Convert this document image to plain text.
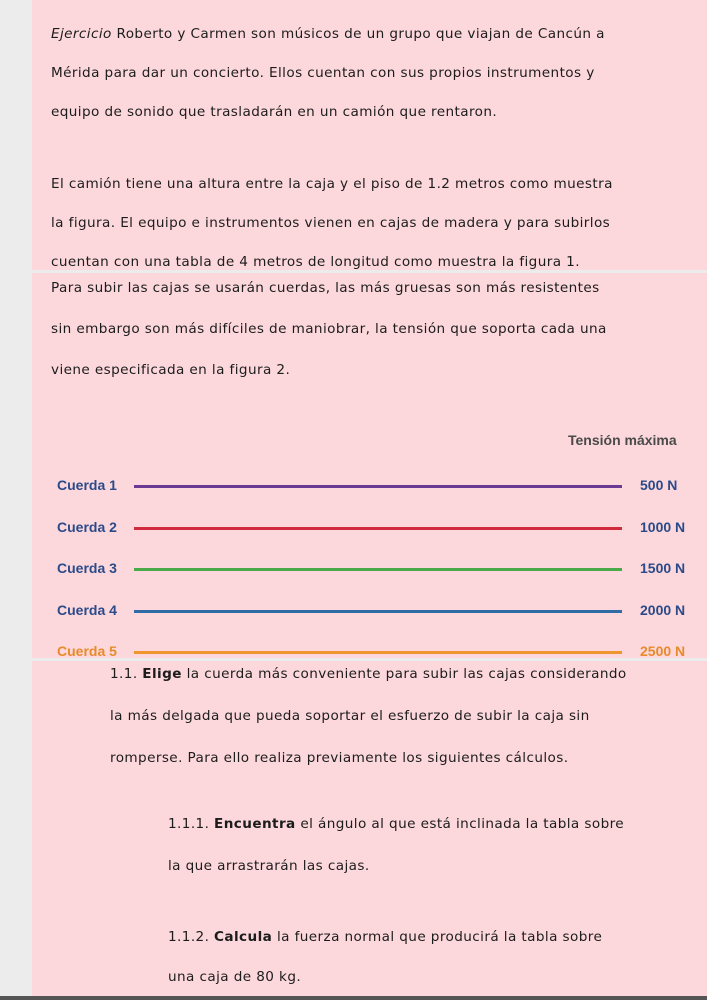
Ejercicio Roberto y Carmen son músicos de un grupo que viajan de Cancún a
Mérida para dar un concierto. Ellos cuentan con sus propios instrumentos y
equipo de sonido que trasladarán en un camión que rentaron.
El camión tiene una altura entre la caja y el piso de 1.2 metros como muestra
la figura. El equipo e instrumentos vienen en cajas de madera y para subirlos
cuentan con una tabla de 4 metros de longitud como muestra la figura 1.
Para subir las cajas se usarán cuerdas, las más gruesas son más resistentes
sin embargo son más difíciles de maniobrar, la tensión que soporta cada una
viene especificada en la figura 2.
Tensión máxima
Cuerda 1	500 N
Cuerda 2	1000 N
Cuerda 3	1500 N
Cuerda 4	2000 N
Cuerda 5	2500 N
1.1. Elige la cuerda más conveniente para subir las cajas considerando
la más delgada que pueda soportar el esfuerzo de subir la caja sin
romperse. Para ello realiza previamente los siguientes cálculos.
1.1.1. Encuentra el ángulo al que está inclinada la tabla sobre
la que arrastrarán las cajas.
1.1.2. Calcula la fuerza normal que producirá la tabla sobre
una caja de 80 kg.
